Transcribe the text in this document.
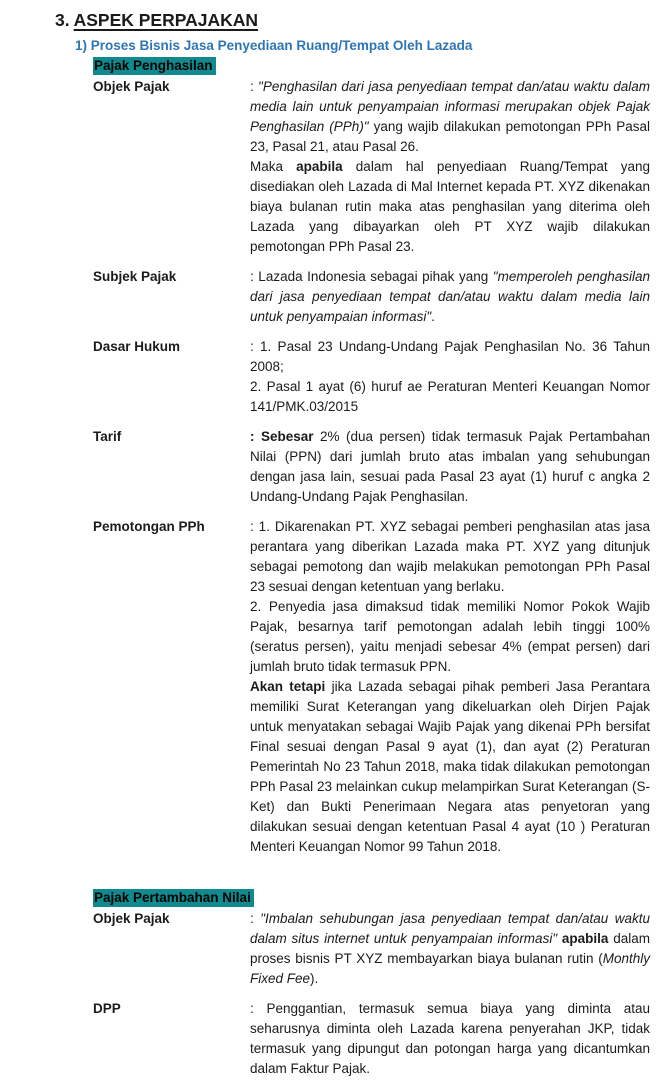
3. ASPEK PERPAJAKAN
1) Proses Bisnis Jasa Penyediaan Ruang/Tempat Oleh Lazada
Pajak Penghasilan
Objek Pajak	: "Penghasilan dari jasa penyediaan tempat dan/atau waktu dalam media lain untuk penyampaian informasi merupakan objek Pajak Penghasilan (PPh)" yang wajib dilakukan pemotongan PPh Pasal 23, Pasal 21, atau Pasal 26.
Maka apabila dalam hal penyediaan Ruang/Tempat yang disediakan oleh Lazada di Mal Internet kepada PT. XYZ dikenakan biaya bulanan rutin maka atas penghasilan yang diterima oleh Lazada yang dibayarkan oleh PT XYZ wajib dilakukan pemotongan PPh Pasal 23.
Subjek Pajak	: Lazada Indonesia sebagai pihak yang "memperoleh penghasilan dari jasa penyediaan tempat dan/atau waktu dalam media lain untuk penyampaian informasi".
Dasar Hukum	: 1. Pasal 23 Undang-Undang Pajak Penghasilan No. 36 Tahun 2008;
2. Pasal 1 ayat (6) huruf ae Peraturan Menteri Keuangan Nomor 141/PMK.03/2015
Tarif	: Sebesar 2% (dua persen) tidak termasuk Pajak Pertambahan Nilai (PPN) dari jumlah bruto atas imbalan yang sehubungan dengan jasa lain, sesuai pada Pasal 23 ayat (1) huruf c angka 2 Undang-Undang Pajak Penghasilan.
Pemotongan PPh	: 1. Dikarenakan PT. XYZ sebagai pemberi penghasilan atas jasa perantara yang diberikan Lazada maka PT. XYZ yang ditunjuk sebagai pemotong dan wajib melakukan pemotongan PPh Pasal 23 sesuai dengan ketentuan yang berlaku.
2. Penyedia jasa dimaksud tidak memiliki Nomor Pokok Wajib Pajak, besarnya tarif pemotongan adalah lebih tinggi 100% (seratus persen), yaitu menjadi sebesar 4% (empat persen) dari jumlah bruto tidak termasuk PPN.
Akan tetapi jika Lazada sebagai pihak pemberi Jasa Perantara memiliki Surat Keterangan yang dikeluarkan oleh Dirjen Pajak untuk menyatakan sebagai Wajib Pajak yang dikenai PPh bersifat Final sesuai dengan Pasal 9 ayat (1), dan ayat (2) Peraturan Pemerintah No 23 Tahun 2018, maka tidak dilakukan pemotongan PPh Pasal 23 melainkan cukup melampirkan Surat Keterangan (S-Ket) dan Bukti Penerimaan Negara atas penyetoran yang dilakukan sesuai dengan ketentuan Pasal 4 ayat (10 ) Peraturan Menteri Keuangan Nomor 99 Tahun 2018.
Pajak Pertambahan Nilai
Objek Pajak	: "Imbalan sehubungan jasa penyediaan tempat dan/atau waktu dalam situs internet untuk penyampaian informasi" apabila dalam proses bisnis PT XYZ membayarkan biaya bulanan rutin (Monthly Fixed Fee).
DPP	: Penggantian, termasuk semua biaya yang diminta atau seharusnya diminta oleh Lazada karena penyerahan JKP, tidak termasuk yang dipungut dan potongan harga yang dicantumkan dalam Faktur Pajak.
